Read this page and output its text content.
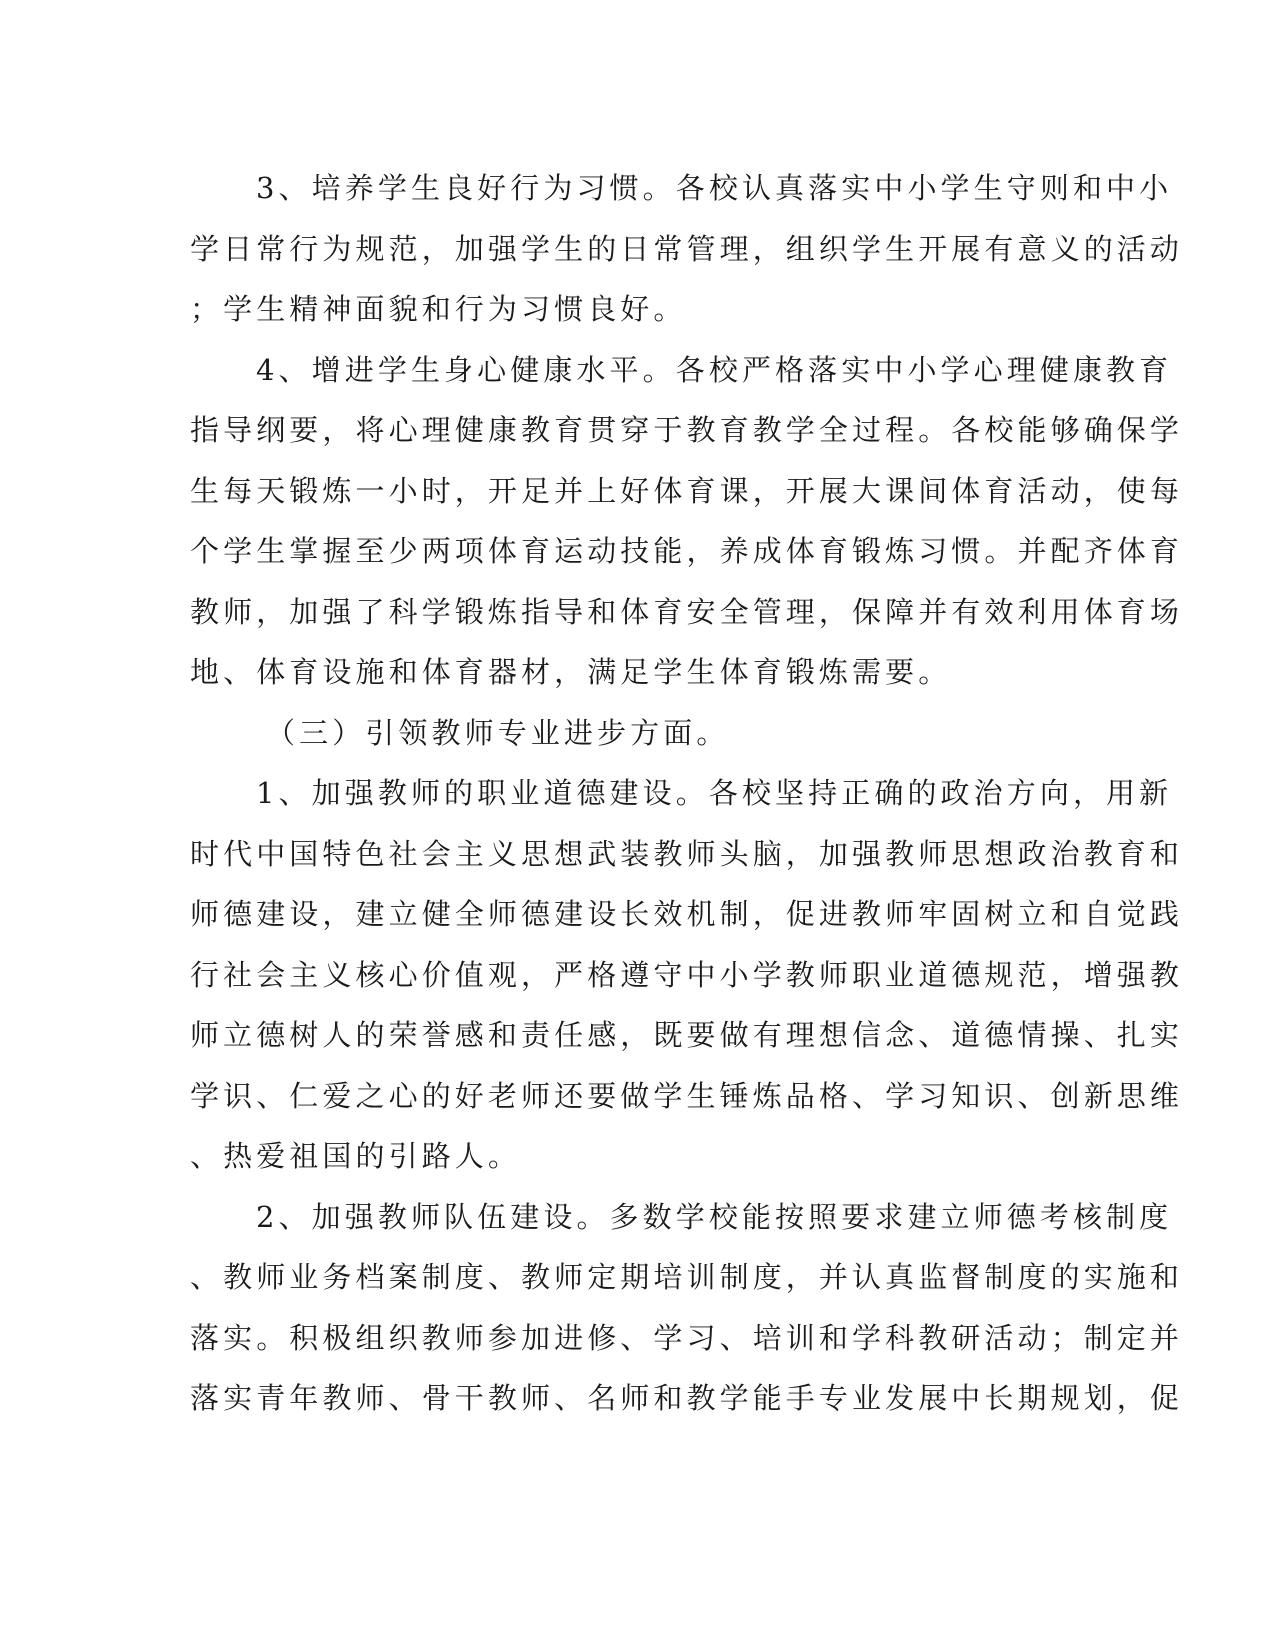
3、培养学生良好行为习惯。各校认真落实中小学生守则和中小
学日常行为规范，加强学生的日常管理，组织学生开展有意义的活动
；学生精神面貌和行为习惯良好。
4、增进学生身心健康水平。各校严格落实中小学心理健康教育
指导纲要，将心理健康教育贯穿于教育教学全过程。各校能够确保学
生每天锻炼一小时，开足并上好体育课，开展大课间体育活动，使每
个学生掌握至少两项体育运动技能，养成体育锻炼习惯。并配齐体育
教师，加强了科学锻炼指导和体育安全管理，保障并有效利用体育场
地、体育设施和体育器材，满足学生体育锻炼需要。
（三）引领教师专业进步方面。
1、加强教师的职业道德建设。各校坚持正确的政治方向，用新
时代中国特色社会主义思想武装教师头脑，加强教师思想政治教育和
师德建设，建立健全师德建设长效机制，促进教师牢固树立和自觉践
行社会主义核心价值观，严格遵守中小学教师职业道德规范，增强教
师立德树人的荣誉感和责任感，既要做有理想信念、道德情操、扎实
学识、仁爱之心的好老师还要做学生锤炼品格、学习知识、创新思维
、热爱祖国的引路人。
2、加强教师队伍建设。多数学校能按照要求建立师德考核制度
、教师业务档案制度、教师定期培训制度，并认真监督制度的实施和
落实。积极组织教师参加进修、学习、培训和学科教研活动；制定并
落实青年教师、骨干教师、名师和教学能手专业发展中长期规划，促
